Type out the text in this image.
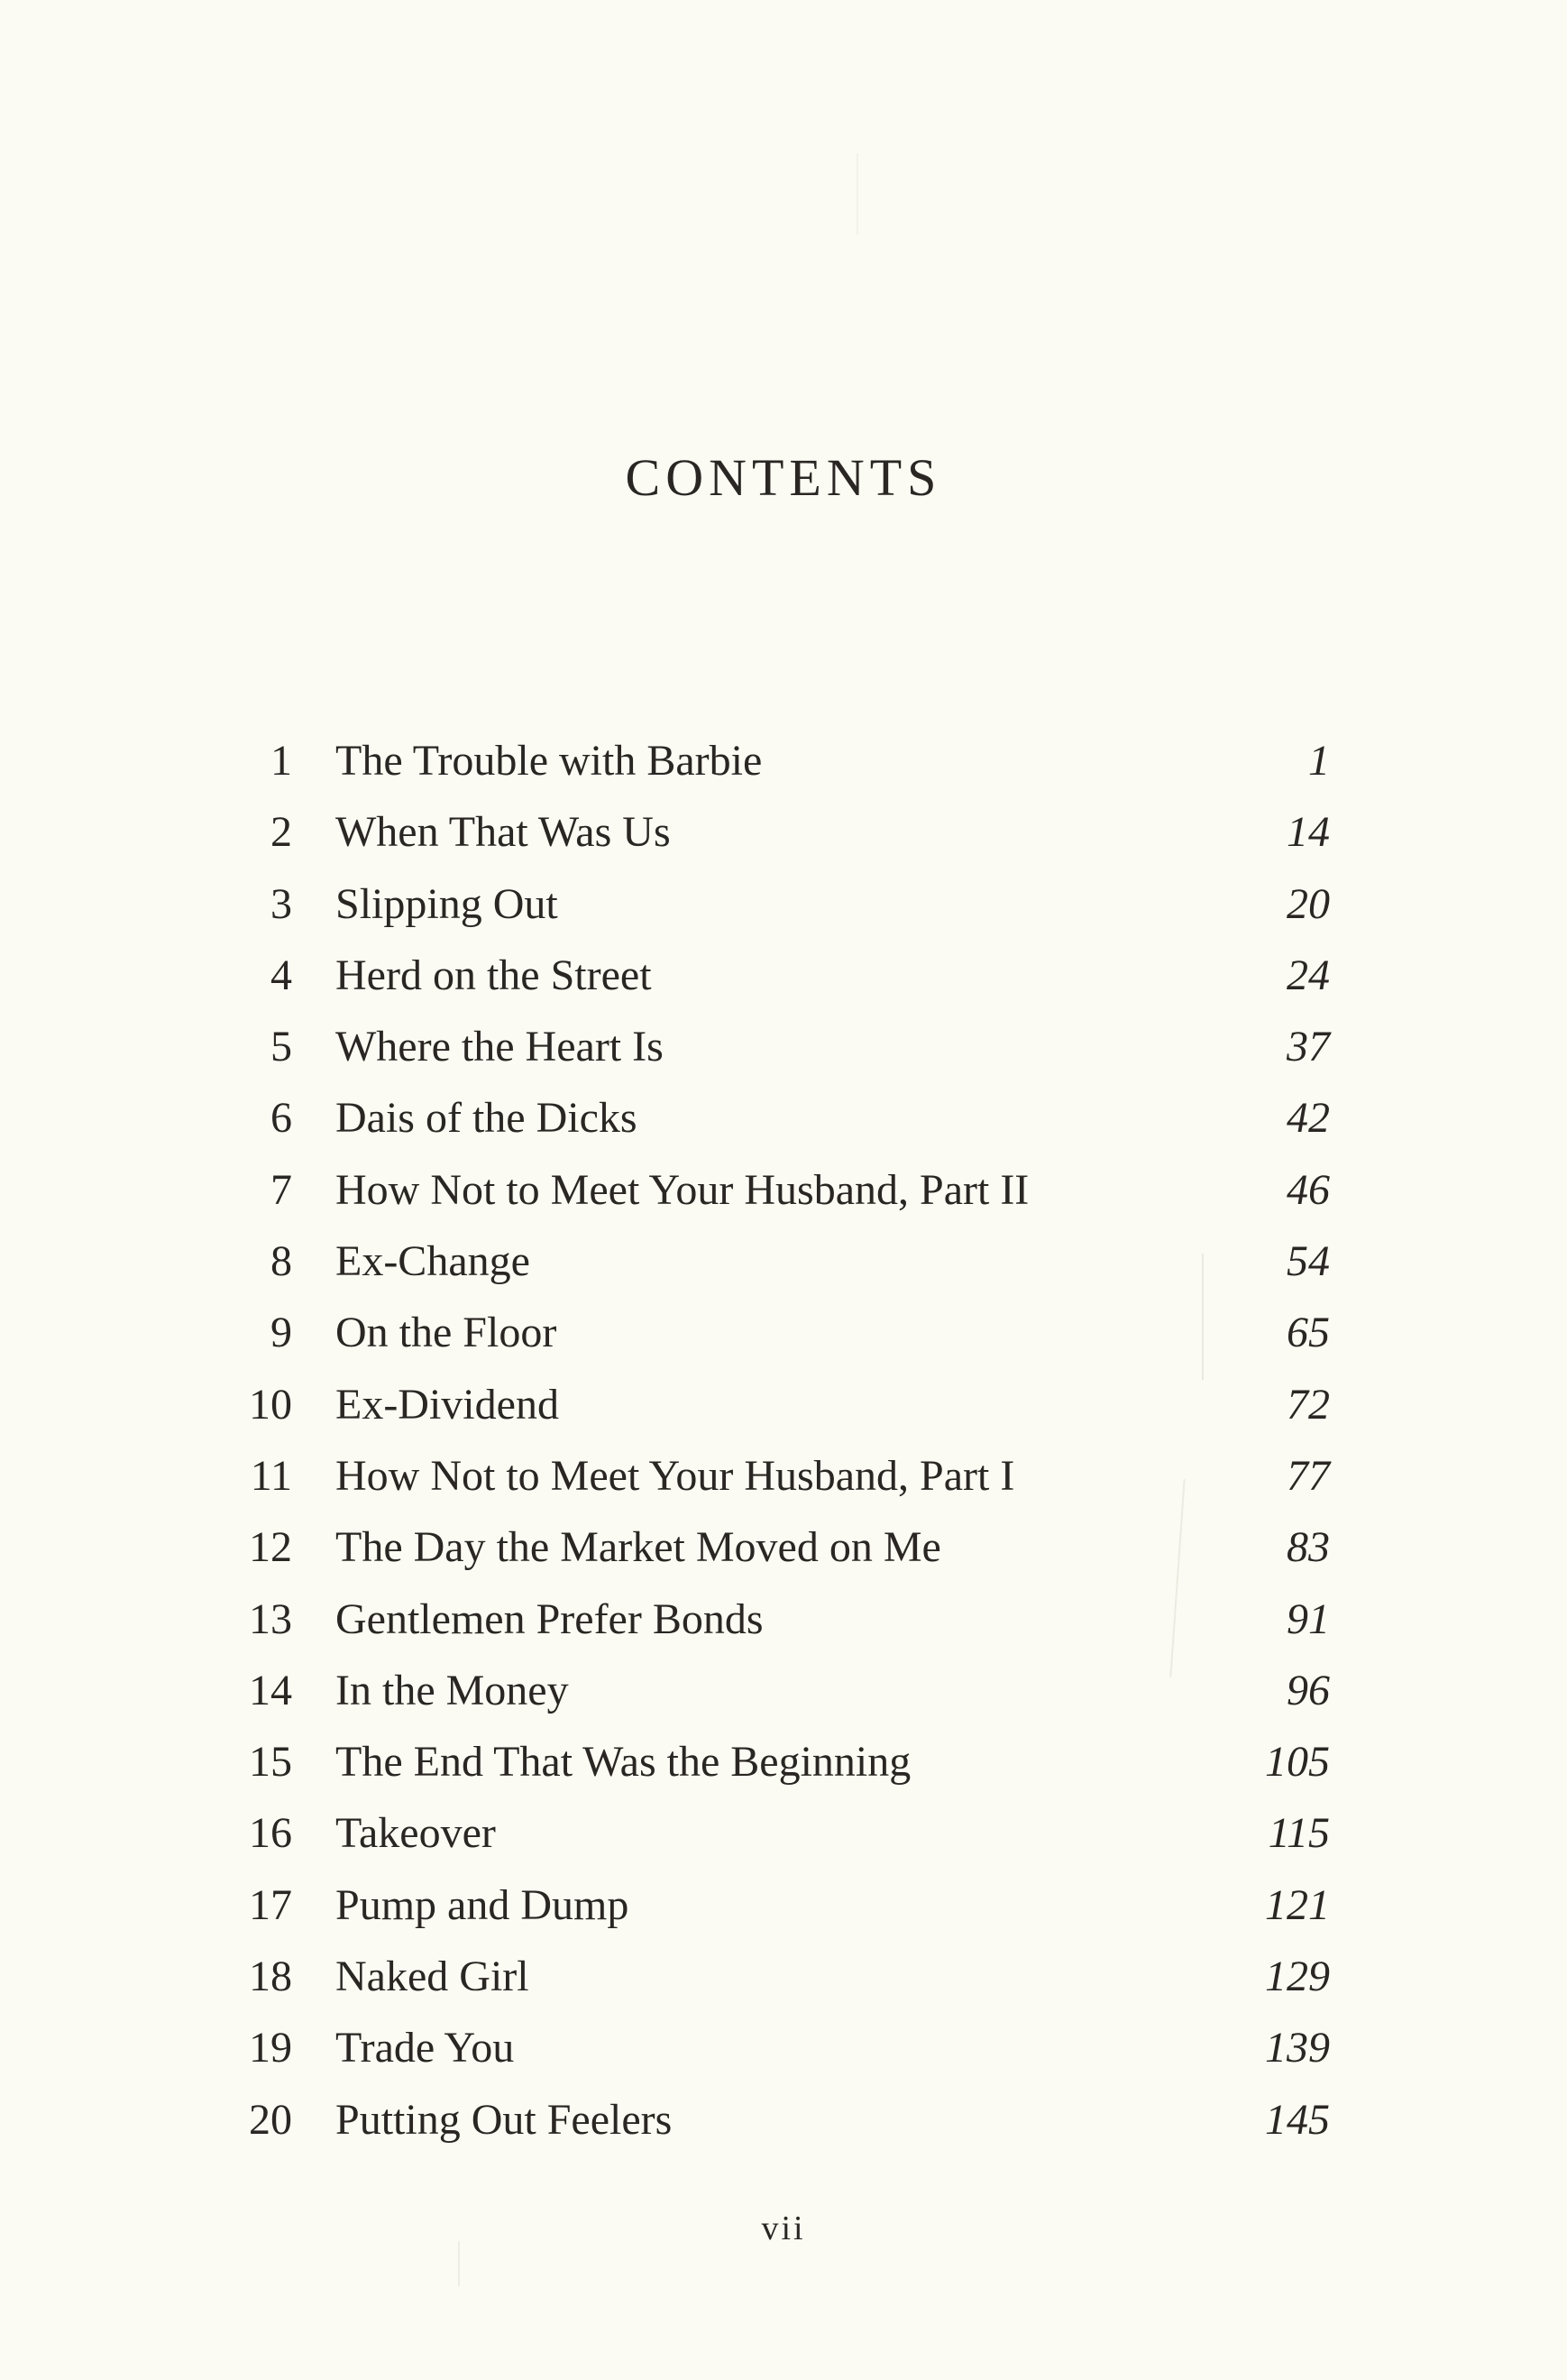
CONTENTS
1 The Trouble with Barbie	1
2 When That Was Us	14
3 Slipping Out	20
4 Herd on the Street	24
5 Where the Heart Is	37
6 Dais of the Dicks	42
7 How Not to Meet Your Husband, Part II	46
8 Ex-Change	54
9 On the Floor	65
10 Ex-Dividend	72
11 How Not to Meet Your Husband, Part I	77
12 The Day the Market Moved on Me	83
13 Gentlemen Prefer Bonds	91
14 In the Money	96
15 The End That Was the Beginning	105
16 Takeover	115
17 Pump and Dump	121
18 Naked Girl	129
19 Trade You	139
20 Putting Out Feelers	145
vii
